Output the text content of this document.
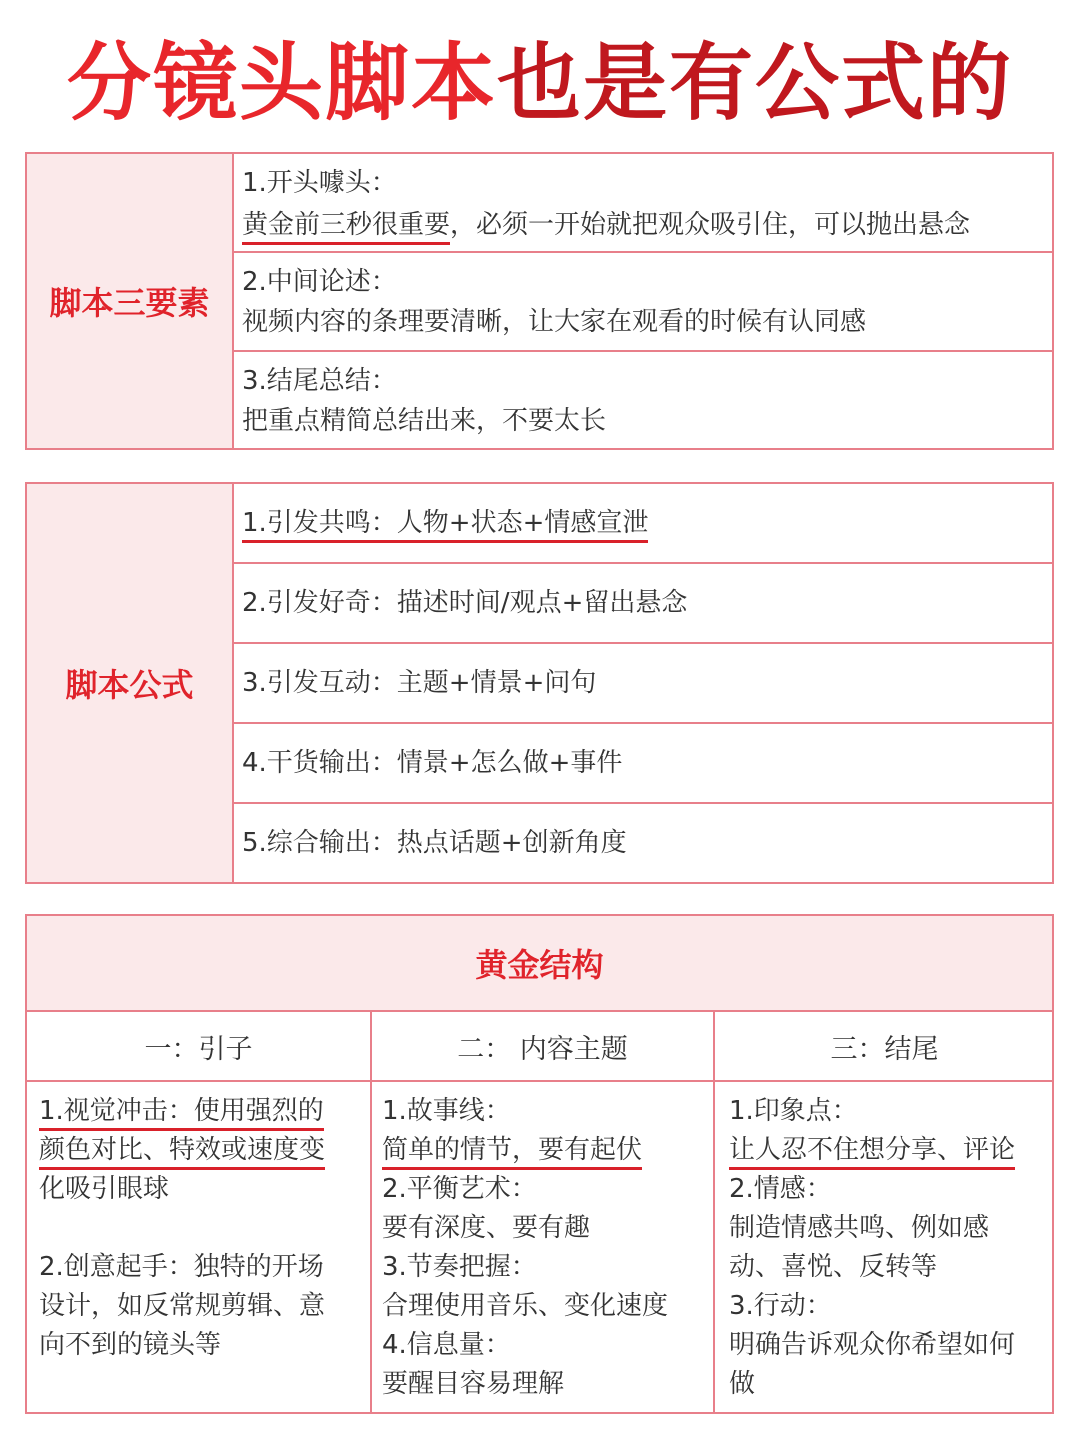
分镜头脚本也是有公式的
脚本三要素
1.开头噱头：
黄金前三秒很重要，必须一开始就把观众吸引住，可以抛出悬念
2.中间论述：
视频内容的条理要清晰，让大家在观看的时候有认同感
3.结尾总结：
把重点精简总结出来，不要太长
脚本公式
1.引发共鸣：人物+状态+情感宣泄
2.引发好奇：描述时间/观点+留出悬念
3.引发互动：主题+情景+问句
4.干货输出：情景+怎么做+事件
5.综合输出：热点话题+创新角度
黄金结构
一：引子	二： 内容主题	三：结尾
1.视觉冲击：使用强烈的
颜色对比、特效或速度变
化吸引眼球
2.创意起手：独特的开场
设计，如反常规剪辑、意
向不到的镜头等
1.故事线：
简单的情节，要有起伏
2.平衡艺术：
要有深度、要有趣
3.节奏把握：
合理使用音乐、变化速度
4.信息量：
要醒目容易理解
1.印象点：
让人忍不住想分享、评论
2.情感：
制造情感共鸣、例如感
动、喜悦、反转等
3.行动：
明确告诉观众你希望如何
做
